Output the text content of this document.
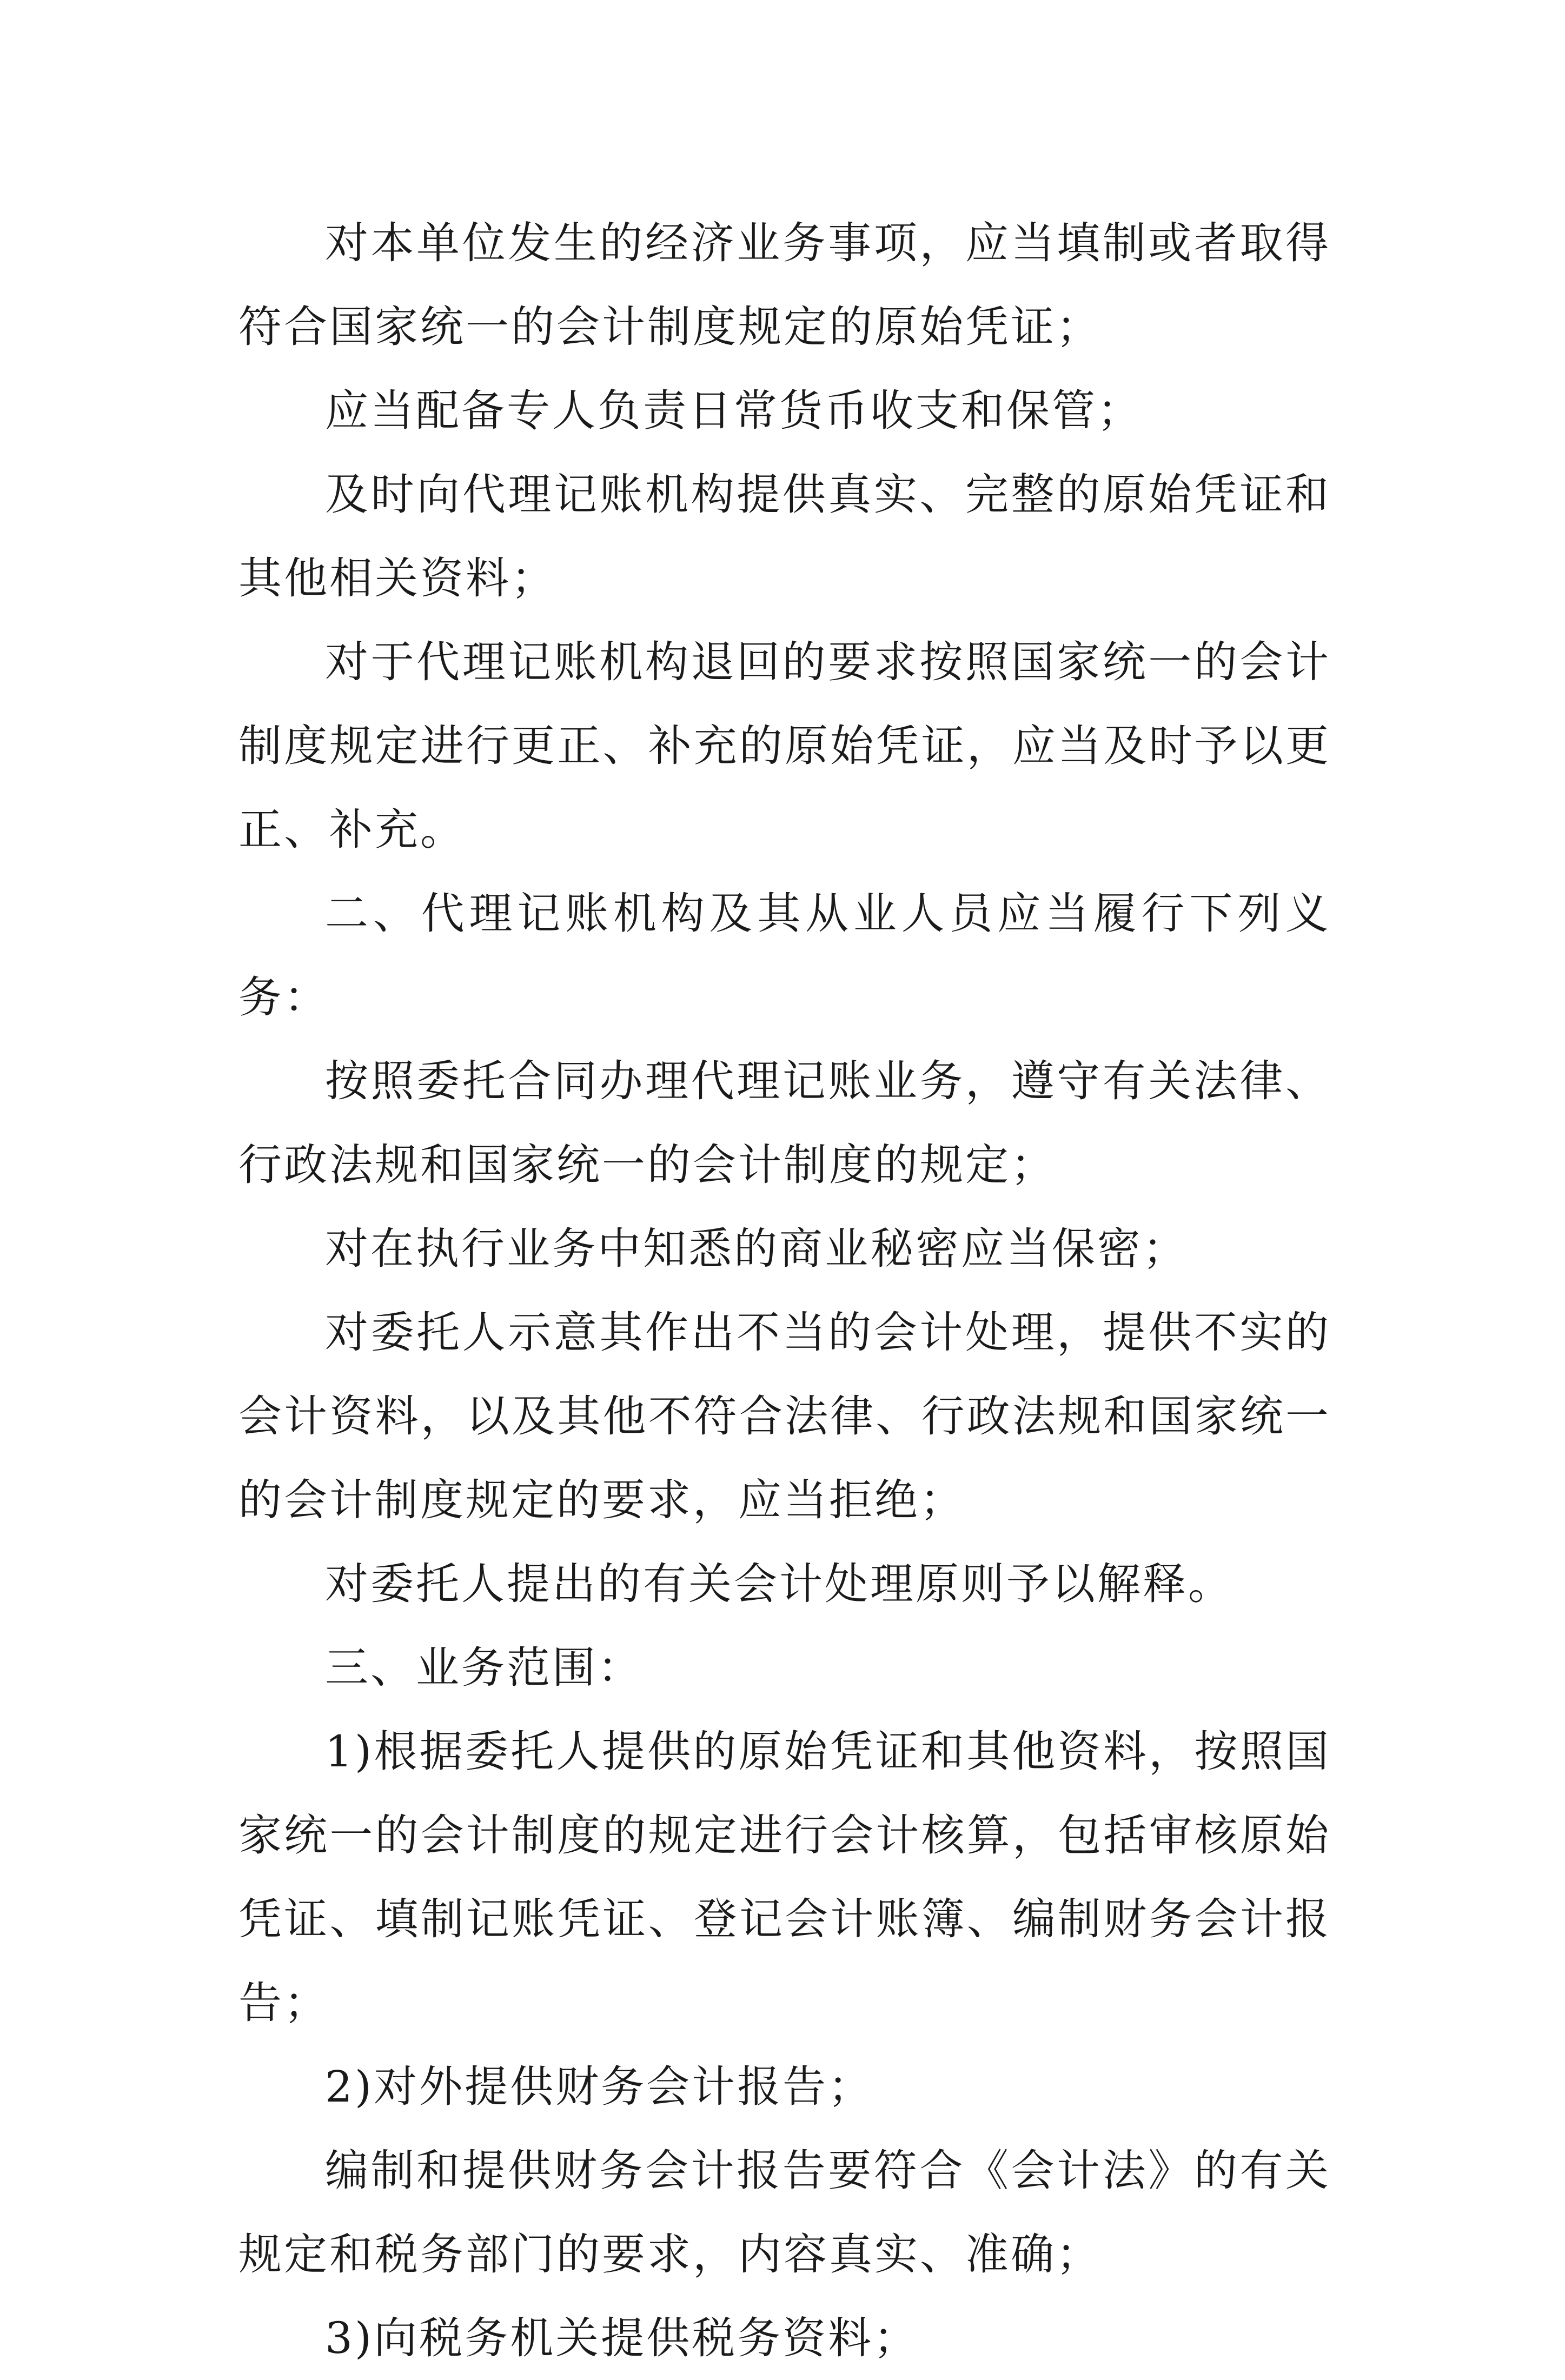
对本单位发生的经济业务事项，应当填制或者取得符合国家统一的会计制度规定的原始凭证；

应当配备专人负责日常货币收支和保管；

及时向代理记账机构提供真实、完整的原始凭证和其他相关资料；

对于代理记账机构退回的要求按照国家统一的会计制度规定进行更正、补充的原始凭证，应当及时予以更正、补充。

二、代理记账机构及其从业人员应当履行下列义务：

按照委托合同办理代理记账业务，遵守有关法律、行政法规和国家统一的会计制度的规定；

对在执行业务中知悉的商业秘密应当保密；

对委托人示意其作出不当的会计处理，提供不实的会计资料，以及其他不符合法律、行政法规和国家统一的会计制度规定的要求，应当拒绝；

对委托人提出的有关会计处理原则予以解释。

三、业务范围：

1)根据委托人提供的原始凭证和其他资料，按照国家统一的会计制度的规定进行会计核算，包括审核原始凭证、填制记账凭证、登记会计账簿、编制财务会计报告；

2)对外提供财务会计报告；

编制和提供财务会计报告要符合《会计法》的有关规定和税务部门的要求，内容真实、准确；

3)向税务机关提供税务资料；
